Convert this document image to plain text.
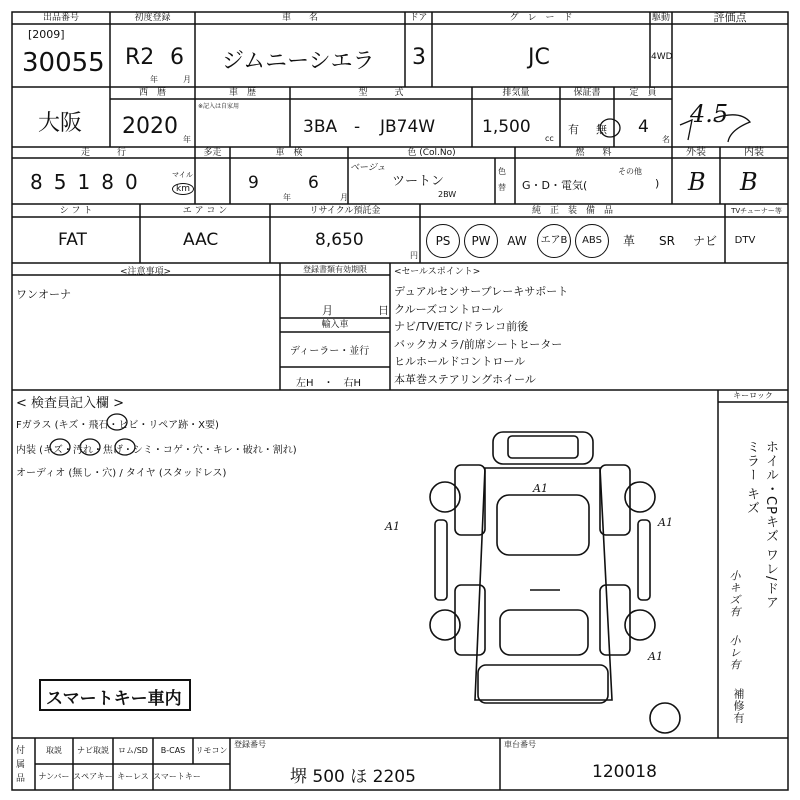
出品番号
[2009]
30055
初度登録
R2 6
年	月
車　　名
ジムニーシエラ
ドア
3
グ　レ　ー　ド
JC
駆動
4WD
評価点
4.5
大阪
西　暦
2020
年
車　歴
※記入は自家用
型　　　式
3BA - JB74W
排気量
1,500
cc
保証書
有 無
定　員
4
名
走　　　行
85180	マイル
km
多走	車　検
9
年
6
月
色 (Col.No)
ベージュ
ツートン
2BW
色替
燃　　料
G・D・電気(
その他
)
外装
B
内装
B
シ フ ト
FAT
エ ア コ ン
AAC
リサイクル預託金
8,650
円
純　正　装　備　品	TVチューナー等
PS	PW	AW	エアB	ABS	革	SR	ナビ	DTV
<注意事項>
ワンオーナ
登録書類有効期限
月	日
輸入車
ディーラー・並行
左H　・　右H
<セールスポイント>
デュアルセンサーブレーキサポート
クルーズコントロール
ナビ/TV/ETC/ドラレコ前後
バックカメラ/前席シートヒーター
ヒルホールドコントロール
本革巻ステアリングホイール
< 検査員記入欄 >
Fガラス (キズ・飛石・ヒビ・リペア跡・X要)
内装 (キズ・汚れ・焦げ・シミ・コゲ・穴・キレ・破れ・割れ)
オーディオ (無し・穴) / タイヤ (スタッドレス)
スマートキー車内
キーロック
ホイル・CPキズ ワレ/ドアミラー キズ
小キズ有
小レ有
補修有
A1
A1	A1
A1
付属品
取説	ナビ取説	ロム/SD	B-CAS	リモコン
ナンバー スペアキー キーレス スマートキー
登録番号
堺 500 ほ 2205
車台番号
120018
